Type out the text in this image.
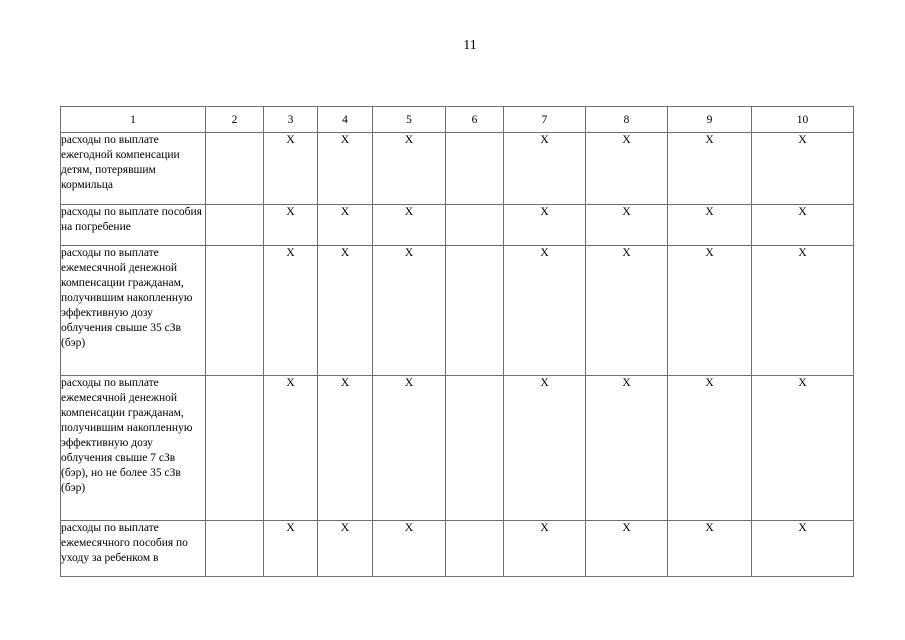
11
1	2	3	4	5	6	7	8	9	10
расходы по выплате ежегодной компенсации детям, потерявшим кормильца		X	X	X		X	X	X	X
расходы по выплате пособия на погребение		X	X	X		X	X	X	X
расходы по выплате ежемесячной денежной компенсации гражданам, получившим накопленную эффективную дозу облучения свыше 35 сЗв (бэр)		X	X	X		X	X	X	X
расходы по выплате ежемесячной денежной компенсации гражданам, получившим накопленную эффективную дозу облучения свыше 7 сЗв (бэр), но не более 35 сЗв (бэр)		X	X	X		X	X	X	X
расходы по выплате ежемесячного пособия по уходу за ребенком в		X	X	X		X	X	X	X
